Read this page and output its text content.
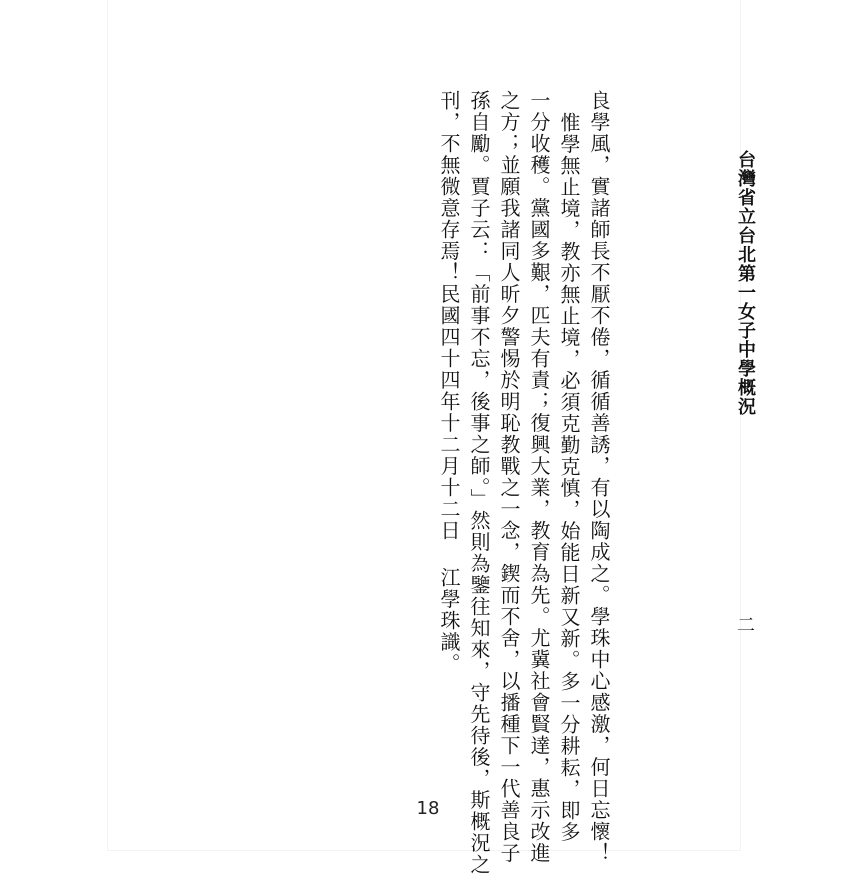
台灣省立台北第一女子中學概況
二
良學風，實諸師長不厭不倦，循循善誘，有以陶成之。學珠中心感激，何日忘懷！
惟學無止境，教亦無止境，必須克勤克慎，始能日新又新。多一分耕耘，即多
一分收穫。黨國多艱，匹夫有責；復興大業，教育為先。尤冀社會賢達，惠示改進
之方；並願我諸同人昕夕警惕於明恥教戰之一念，鍥而不舍，以播種下一代善良子
孫自勵。賈子云：「前事不忘，後事之師。」然則為鑒往知來，守先待後，斯概況之
刊，不無微意存焉！民國四十四年十二月十二日 江學珠識。
18
